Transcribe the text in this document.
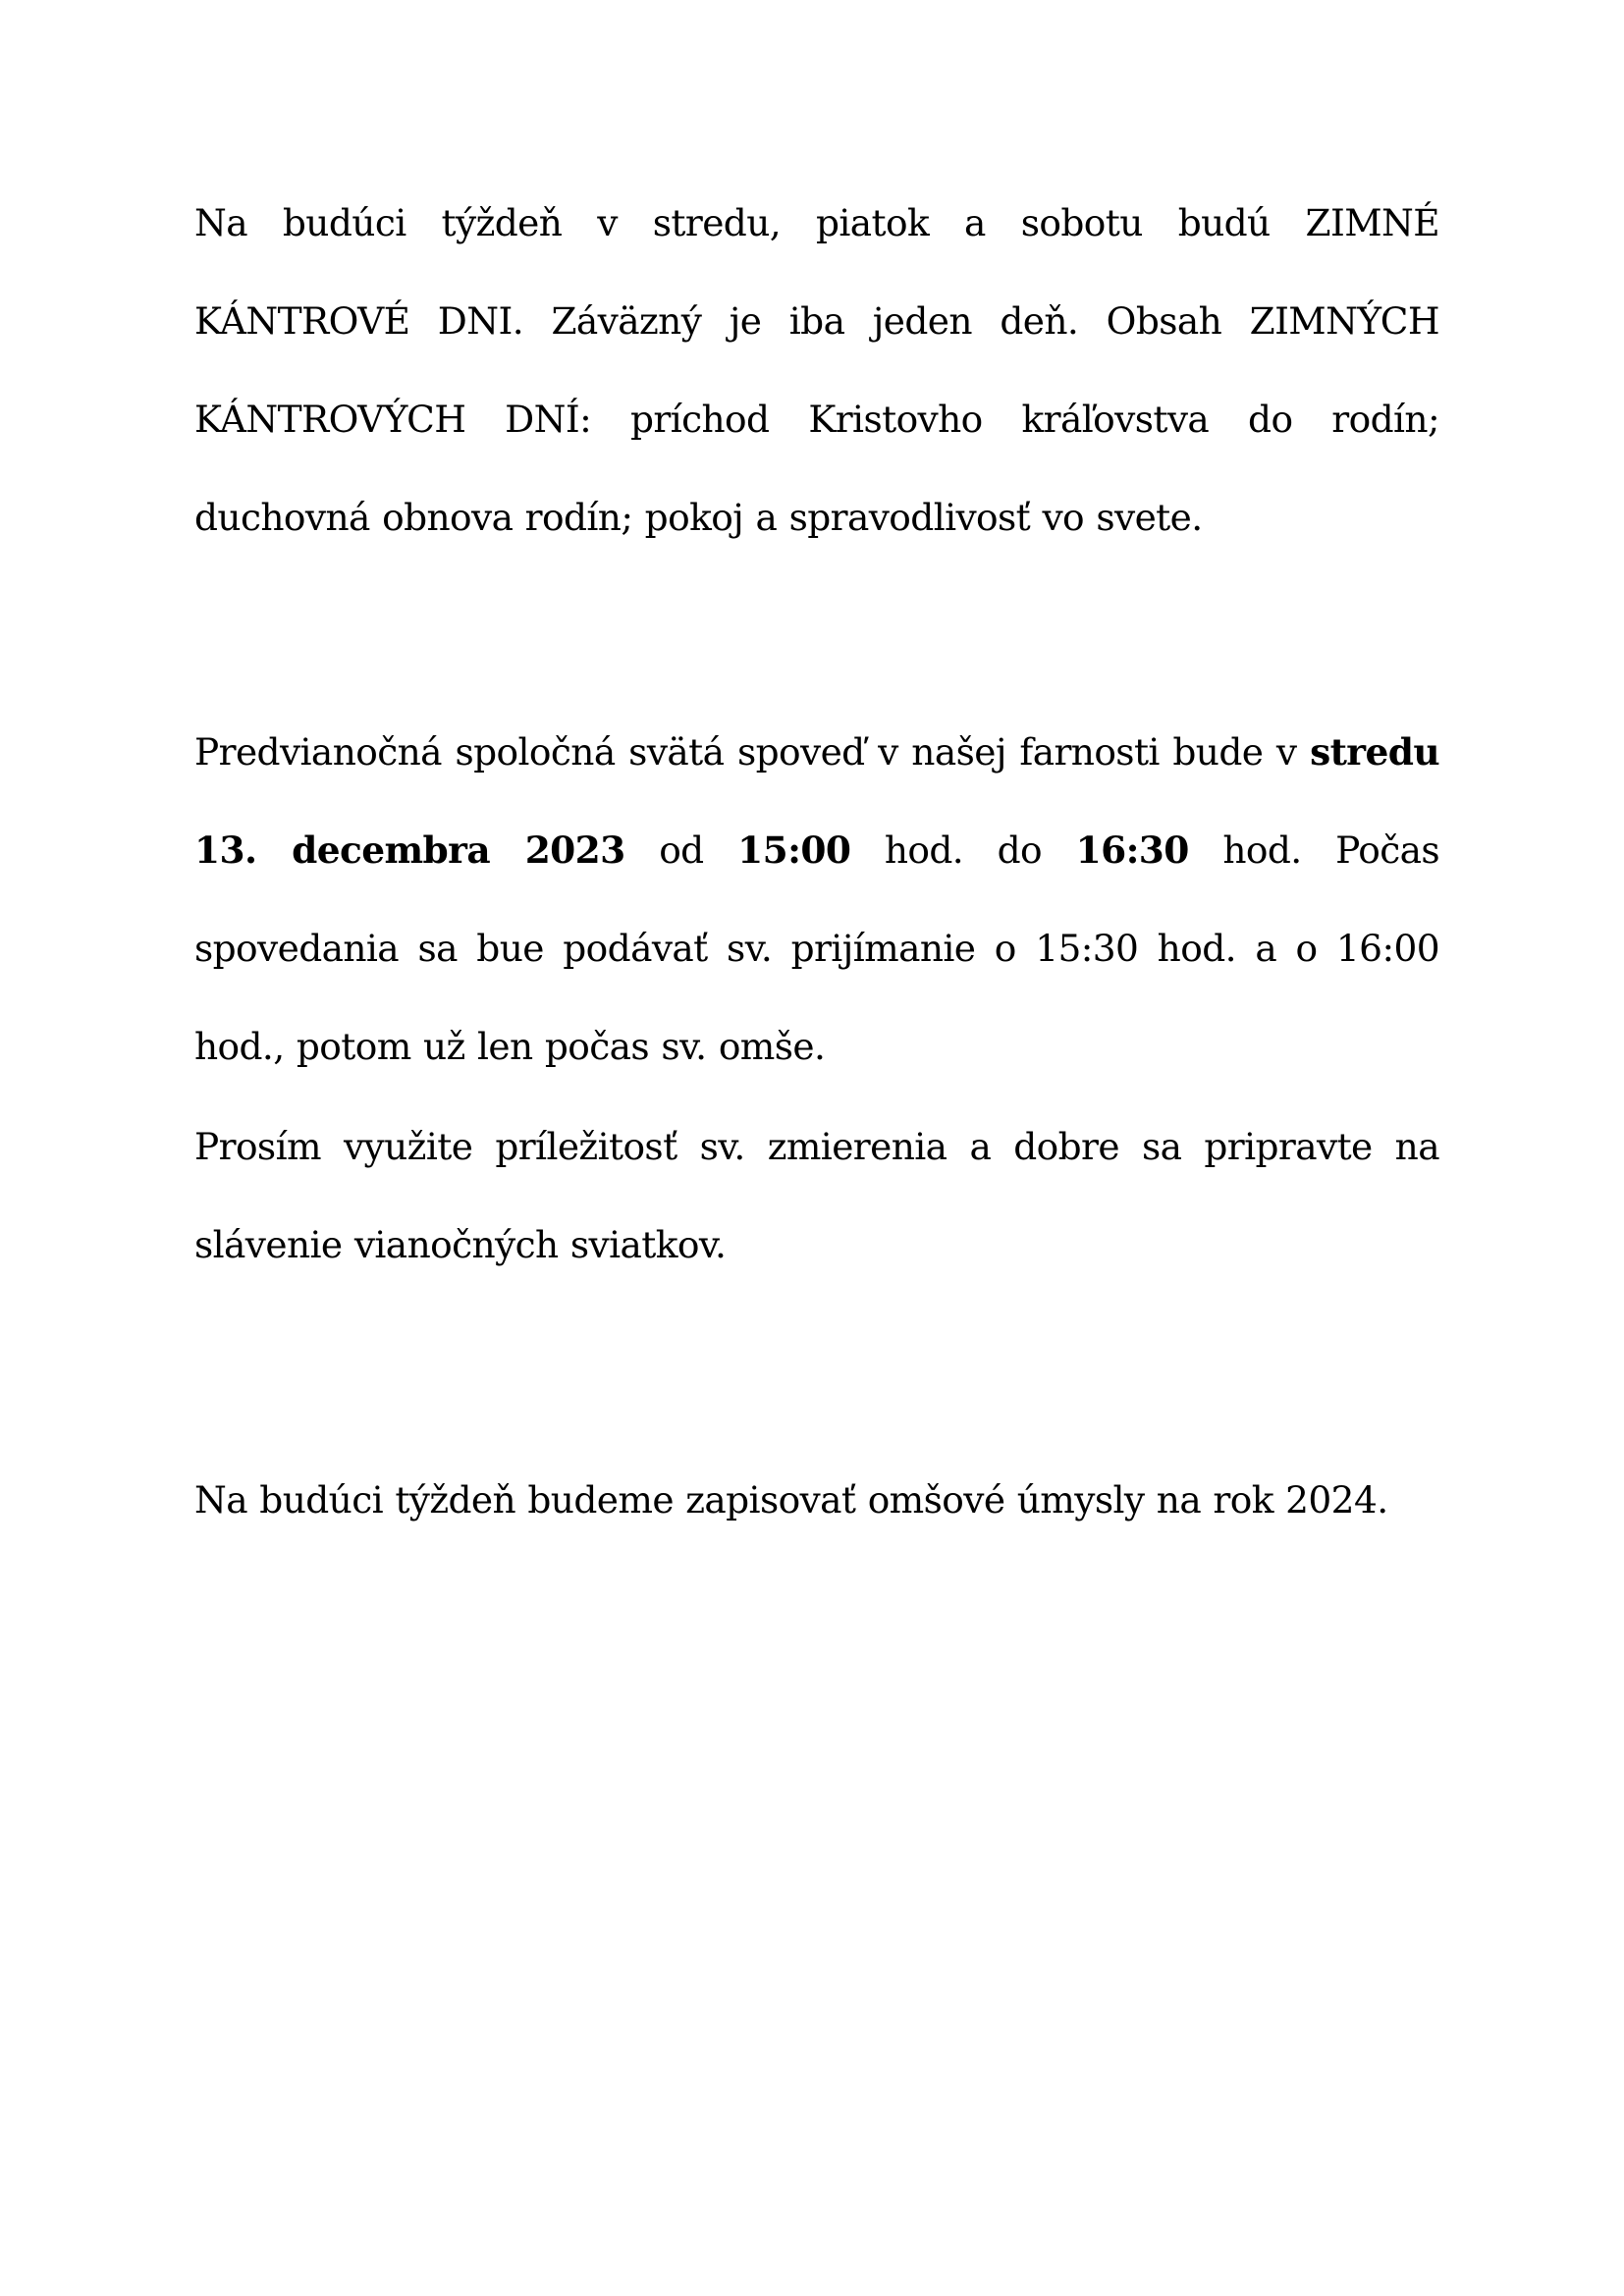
Na budúci týždeň v stredu, piatok a sobotu budú ZIMNÉ KÁNTROVÉ DNI. Záväzný je iba jeden deň. Obsah ZIMNÝCH KÁNTROVÝCH DNÍ: príchod Kristovho kráľovstva do rodín; duchovná obnova rodín; pokoj a spravodlivosť vo svete.

Predvianočná spoločná svätá spoveď v našej farnosti bude v stredu 13. decembra 2023 od 15:00 hod. do 16:30 hod. Počas spovedania sa bue podávať sv. prijímanie o 15:30 hod. a o 16:00 hod., potom už len počas sv. omše.

Prosím využite príležitosť sv. zmierenia a dobre sa pripravte na slávenie vianočných sviatkov.

Na budúci týždeň budeme zapisovať omšové úmysly na rok 2024.
